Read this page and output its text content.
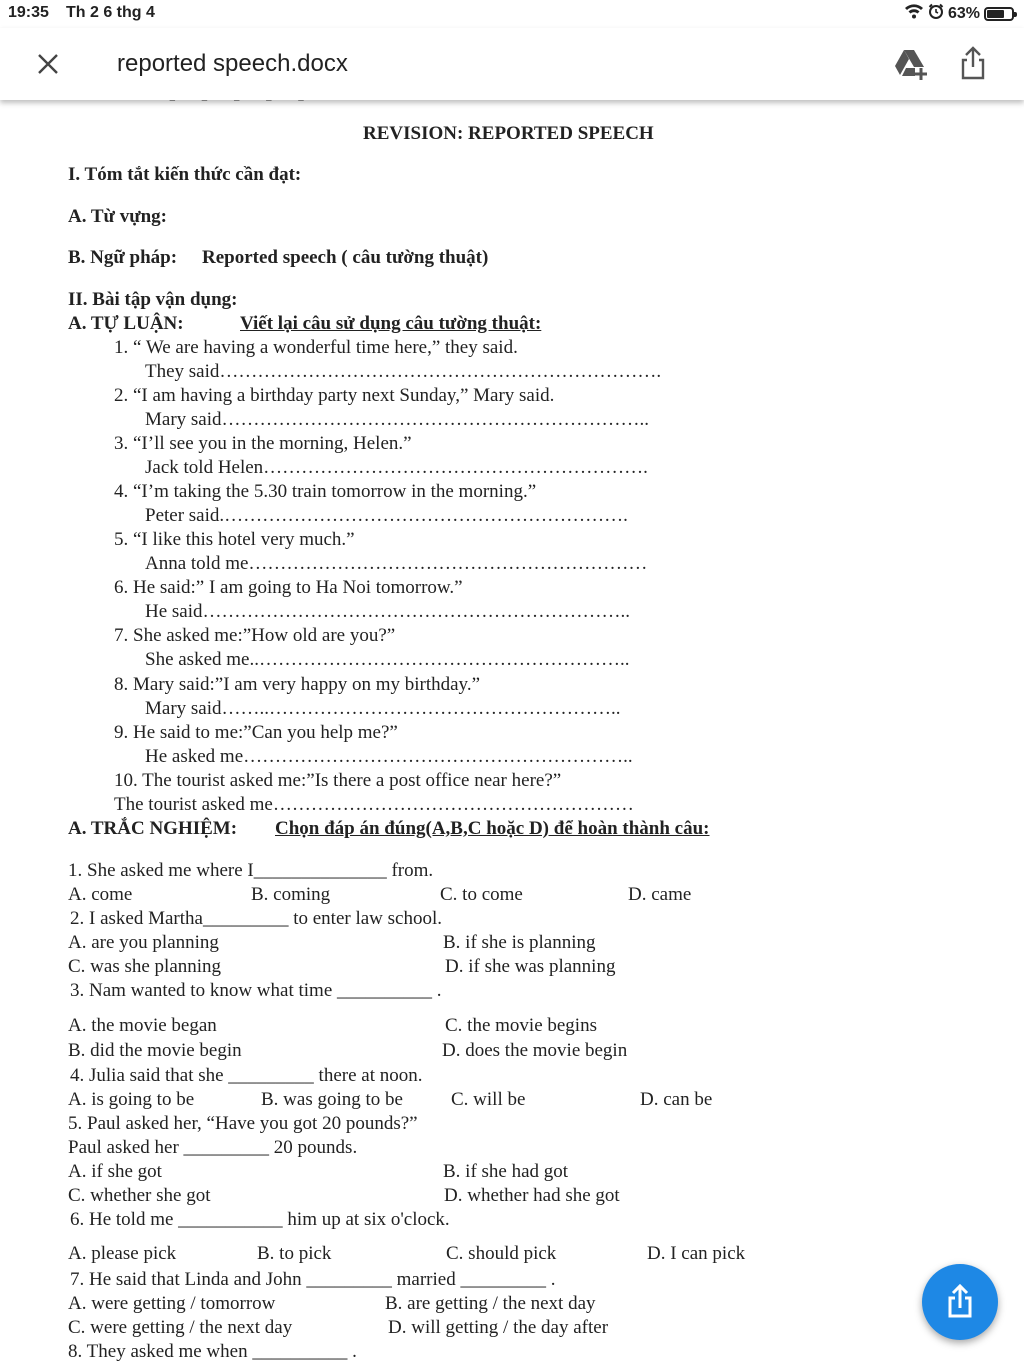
19:35 Th 2 6 thg 4	63%
reported speech.docx
‾ ‾ ‾ ‾ ‾
REVISION: REPORTED SPEECH
I. Tóm tắt kiến thức cần đạt:
A. Từ vựng:
B. Ngữ pháp: Reported speech ( câu tường thuật)
II. Bài tập vận dụng:
A. TỰ LUẬN:	Viết lại câu sử dụng câu tường thuật:
1. “ We are having a wonderful time here,” they said.
They said…………………………………………………………….
2. “I am having a birthday party next Sunday,” Mary said.
Mary said…………………………………………………………..
3. “I’ll see you in the morning, Helen.”
Jack told Helen…………………………………………………….
4. “I’m taking the 5.30 train tomorrow in the morning.”
Peter said.……………………………………………………….
5. “I like this hotel very much.”
Anna told me………………………………………………………
6. He said:” I am going to Ha Noi tomorrow.”
He said…………………………………………………………..
7. She asked me:”How old are you?”
She asked me..…………………………………………………..
8. Mary said:”I am very happy on my birthday.”
Mary said……..………………………………………………..
9. He said to me:”Can you help me?”
He asked me……………………………………………………..
10. The tourist asked me:”Is there a post office near here?”
The tourist asked me…………………………………………………
A. TRẮC NGHIỆM: Chọn đáp án đúng(A,B,C hoặc D) để hoàn thành câu:
1. She asked me where I______________ from.
A. come	B. coming	C. to come	D. came
2. I asked Martha_________ to enter law school.
A. are you planning	B. if she is planning
C. was she planning	D. if she was planning
3. Nam wanted to know what time __________ .
A. the movie began	C. the movie begins
B. did the movie begin	D. does the movie begin
4. Julia said that she _________ there at noon.
A. is going to be	B. was going to be	C. will be	D. can be
5. Paul asked her, “Have you got 20 pounds?”
Paul asked her _________ 20 pounds.
A. if she got	B. if she had got
C. whether she got	D. whether had she got
6. He told me ___________ him up at six o'clock.
A. please pick	B. to pick	C. should pick	D. I can pick
7. He said that Linda and John _________ married _________ .
A. were getting / tomorrow	B. are getting / the next day
C. were getting / the next day	D. will getting / the day after
8. They asked me when __________ .
